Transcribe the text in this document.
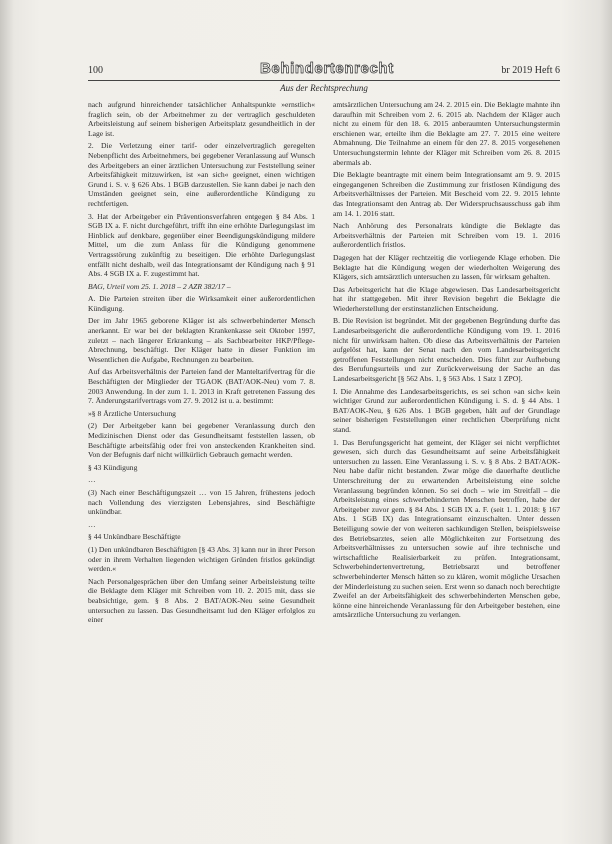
100	Behindertenrecht	br 2019 Heft 6
Aus der Rechtsprechung

nach aufgrund hinreichender tatsächlicher Anhaltspunkte »ernstlich« fraglich sein, ob der Arbeitnehmer zu der vertraglich geschuldeten Arbeitsleistung auf seinem bisherigen Arbeitsplatz gesundheitlich in der Lage ist.

2. Die Verletzung einer tarif- oder einzelvertraglich geregelten Nebenpflicht des Arbeitnehmers, bei gegebener Veranlassung auf Wunsch des Arbeitgebers an einer ärztlichen Untersuchung zur Feststellung seiner Arbeitsfähigkeit mitzuwirken, ist »an sich« geeignet, einen wichtigen Grund i. S. v. § 626 Abs. 1 BGB darzustellen. Sie kann dabei je nach den Umständen geeignet sein, eine außerordentliche Kündigung zu rechtfertigen.

3. Hat der Arbeitgeber ein Präventionsverfahren entgegen § 84 Abs. 1 SGB IX a. F. nicht durchgeführt, trifft ihn eine erhöhte Darlegungslast im Hinblick auf denkbare, gegenüber einer Beendigungskündigung mildere Mittel, um die zum Anlass für die Kündigung genommene Vertragsstörung zukünftig zu beseitigen. Die erhöhte Darlegungslast entfällt nicht deshalb, weil das Integrationsamt der Kündigung nach § 91 Abs. 4 SGB IX a. F. zugestimmt hat.

BAG, Urteil vom 25. 1. 2018 – 2 AZR 382/17 –

A. Die Parteien streiten über die Wirksamkeit einer außerordentlichen Kündigung.

Der im Jahr 1965 geborene Kläger ist als schwerbehinderter Mensch anerkannt. Er war bei der beklagten Krankenkasse seit Oktober 1997, zuletzt – nach längerer Erkrankung – als Sachbearbeiter HKP/Pflege-Abrechnung, beschäftigt. Der Kläger hatte in dieser Funktion im Wesentlichen die Aufgabe, Rechnungen zu bearbeiten.

Auf das Arbeitsverhältnis der Parteien fand der Manteltarifvertrag für die Beschäftigten der Mitglieder der TGAOK (BAT/AOK-Neu) vom 7. 8. 2003 Anwendung. In der zum 1. 1. 2013 in Kraft getretenen Fassung des 7. Änderungstarifvertrags vom 27. 9. 2012 ist u. a. bestimmt:

»§ 8 Ärztliche Untersuchung

(2) Der Arbeitgeber kann bei gegebener Veranlassung durch den Medizinischen Dienst oder das Gesundheitsamt feststellen lassen, ob Beschäftigte arbeitsfähig oder frei von ansteckenden Krankheiten sind. Von der Befugnis darf nicht willkürlich Gebrauch gemacht werden.

§ 43 Kündigung

…

(3) Nach einer Beschäftigungszeit … von 15 Jahren, frühestens jedoch nach Vollendung des vierzigsten Lebensjahres, sind Beschäftigte unkündbar.

…

§ 44 Unkündbare Beschäftigte

(1) Den unkündbaren Beschäftigten [§ 43 Abs. 3] kann nur in ihrer Person oder in ihrem Verhalten liegenden wichtigen Gründen fristlos gekündigt werden.«

Nach Personalgesprächen über den Umfang seiner Arbeitsleistung teilte die Beklagte dem Kläger mit Schreiben vom 10. 2. 2015 mit, dass sie beabsichtige, gem. § 8 Abs. 2 BAT/AOK-Neu seine Gesundheit untersuchen zu lassen. Das Gesundheitsamt lud den Kläger erfolglos zu einer

amtsärztlichen Untersuchung am 24. 2. 2015 ein. Die Beklagte mahnte ihn daraufhin mit Schreiben vom 2. 6. 2015 ab. Nachdem der Kläger auch nicht zu einem für den 18. 6. 2015 anberaumten Untersuchungstermin erschienen war, erteilte ihm die Beklagte am 27. 7. 2015 eine weitere Abmahnung. Die Teilnahme an einem für den 27. 8. 2015 vorgesehenen Untersuchungstermin lehnte der Kläger mit Schreiben vom 26. 8. 2015 abermals ab.

Die Beklagte beantragte mit einem beim Integrationsamt am 9. 9. 2015 eingegangenen Schreiben die Zustimmung zur fristlosen Kündigung des Arbeitsverhältnisses der Parteien. Mit Bescheid vom 22. 9. 2015 lehnte das Integrationsamt den Antrag ab. Der Widerspruchsausschuss gab ihm am 14. 1. 2016 statt.

Nach Anhörung des Personalrats kündigte die Beklagte das Arbeitsverhältnis der Parteien mit Schreiben vom 19. 1. 2016 außerordentlich fristlos.

Dagegen hat der Kläger rechtzeitig die vorliegende Klage erhoben. Die Beklagte hat die Kündigung wegen der wiederholten Weigerung des Klägers, sich amtsärztlich untersuchen zu lassen, für wirksam gehalten.

Das Arbeitsgericht hat die Klage abgewiesen. Das Landesarbeitsgericht hat ihr stattgegeben. Mit ihrer Revision begehrt die Beklagte die Wiederherstellung der erstinstanzlichen Entscheidung.

B. Die Revision ist begründet. Mit der gegebenen Begründung durfte das Landesarbeitsgericht die außerordentliche Kündigung vom 19. 1. 2016 nicht für unwirksam halten. Ob diese das Arbeitsverhältnis der Parteien aufgelöst hat, kann der Senat nach den vom Landesarbeitsgericht getroffenen Feststellungen nicht entscheiden. Dies führt zur Aufhebung des Berufungsurteils und zur Zurückverweisung der Sache an das Landesarbeitsgericht [§ 562 Abs. 1, § 563 Abs. 1 Satz 1 ZPO].

I. Die Annahme des Landesarbeitsgerichts, es sei schon »an sich« kein wichtiger Grund zur außerordentlichen Kündigung i. S. d. § 44 Abs. 1 BAT/AOK-Neu, § 626 Abs. 1 BGB gegeben, hält auf der Grundlage seiner bisherigen Feststellungen einer rechtlichen Überprüfung nicht stand.

1. Das Berufungsgericht hat gemeint, der Kläger sei nicht verpflichtet gewesen, sich durch das Gesundheitsamt auf seine Arbeitsfähigkeit untersuchen zu lassen. Eine Veranlassung i. S. v. § 8 Abs. 2 BAT/AOK-Neu habe dafür nicht bestanden. Zwar möge die dauerhafte deutliche Unterschreitung der zu erwartenden Arbeitsleistung eine solche Veranlassung begründen können. So sei doch – wie im Streitfall – die Arbeitsleistung eines schwerbehinderten Menschen betroffen, habe der Arbeitgeber zuvor gem. § 84 Abs. 1 SGB IX a. F. (seit 1. 1. 2018: § 167 Abs. 1 SGB IX) das Integrationsamt einzuschalten. Unter dessen Beteiligung sowie der von weiteren sachkundigen Stellen, beispielsweise des Betriebsarztes, seien alle Möglichkeiten zur Fortsetzung des Arbeitsverhältnisses zu untersuchen sowie auf ihre technische und wirtschaftliche Realisierbarkeit zu prüfen. Integrationsamt, Schwerbehindertenvertretung, Betriebsarzt und betroffener schwerbehinderter Mensch hätten so zu klären, womit mögliche Ursachen der Minderleistung zu suchen seien. Erst wenn so danach noch berechtigte Zweifel an der Arbeitsfähigkeit des schwerbehinderten Menschen gebe, könne eine hinreichende Veranlassung für den Arbeitgeber bestehen, eine amtsärztliche Untersuchung zu verlangen.
